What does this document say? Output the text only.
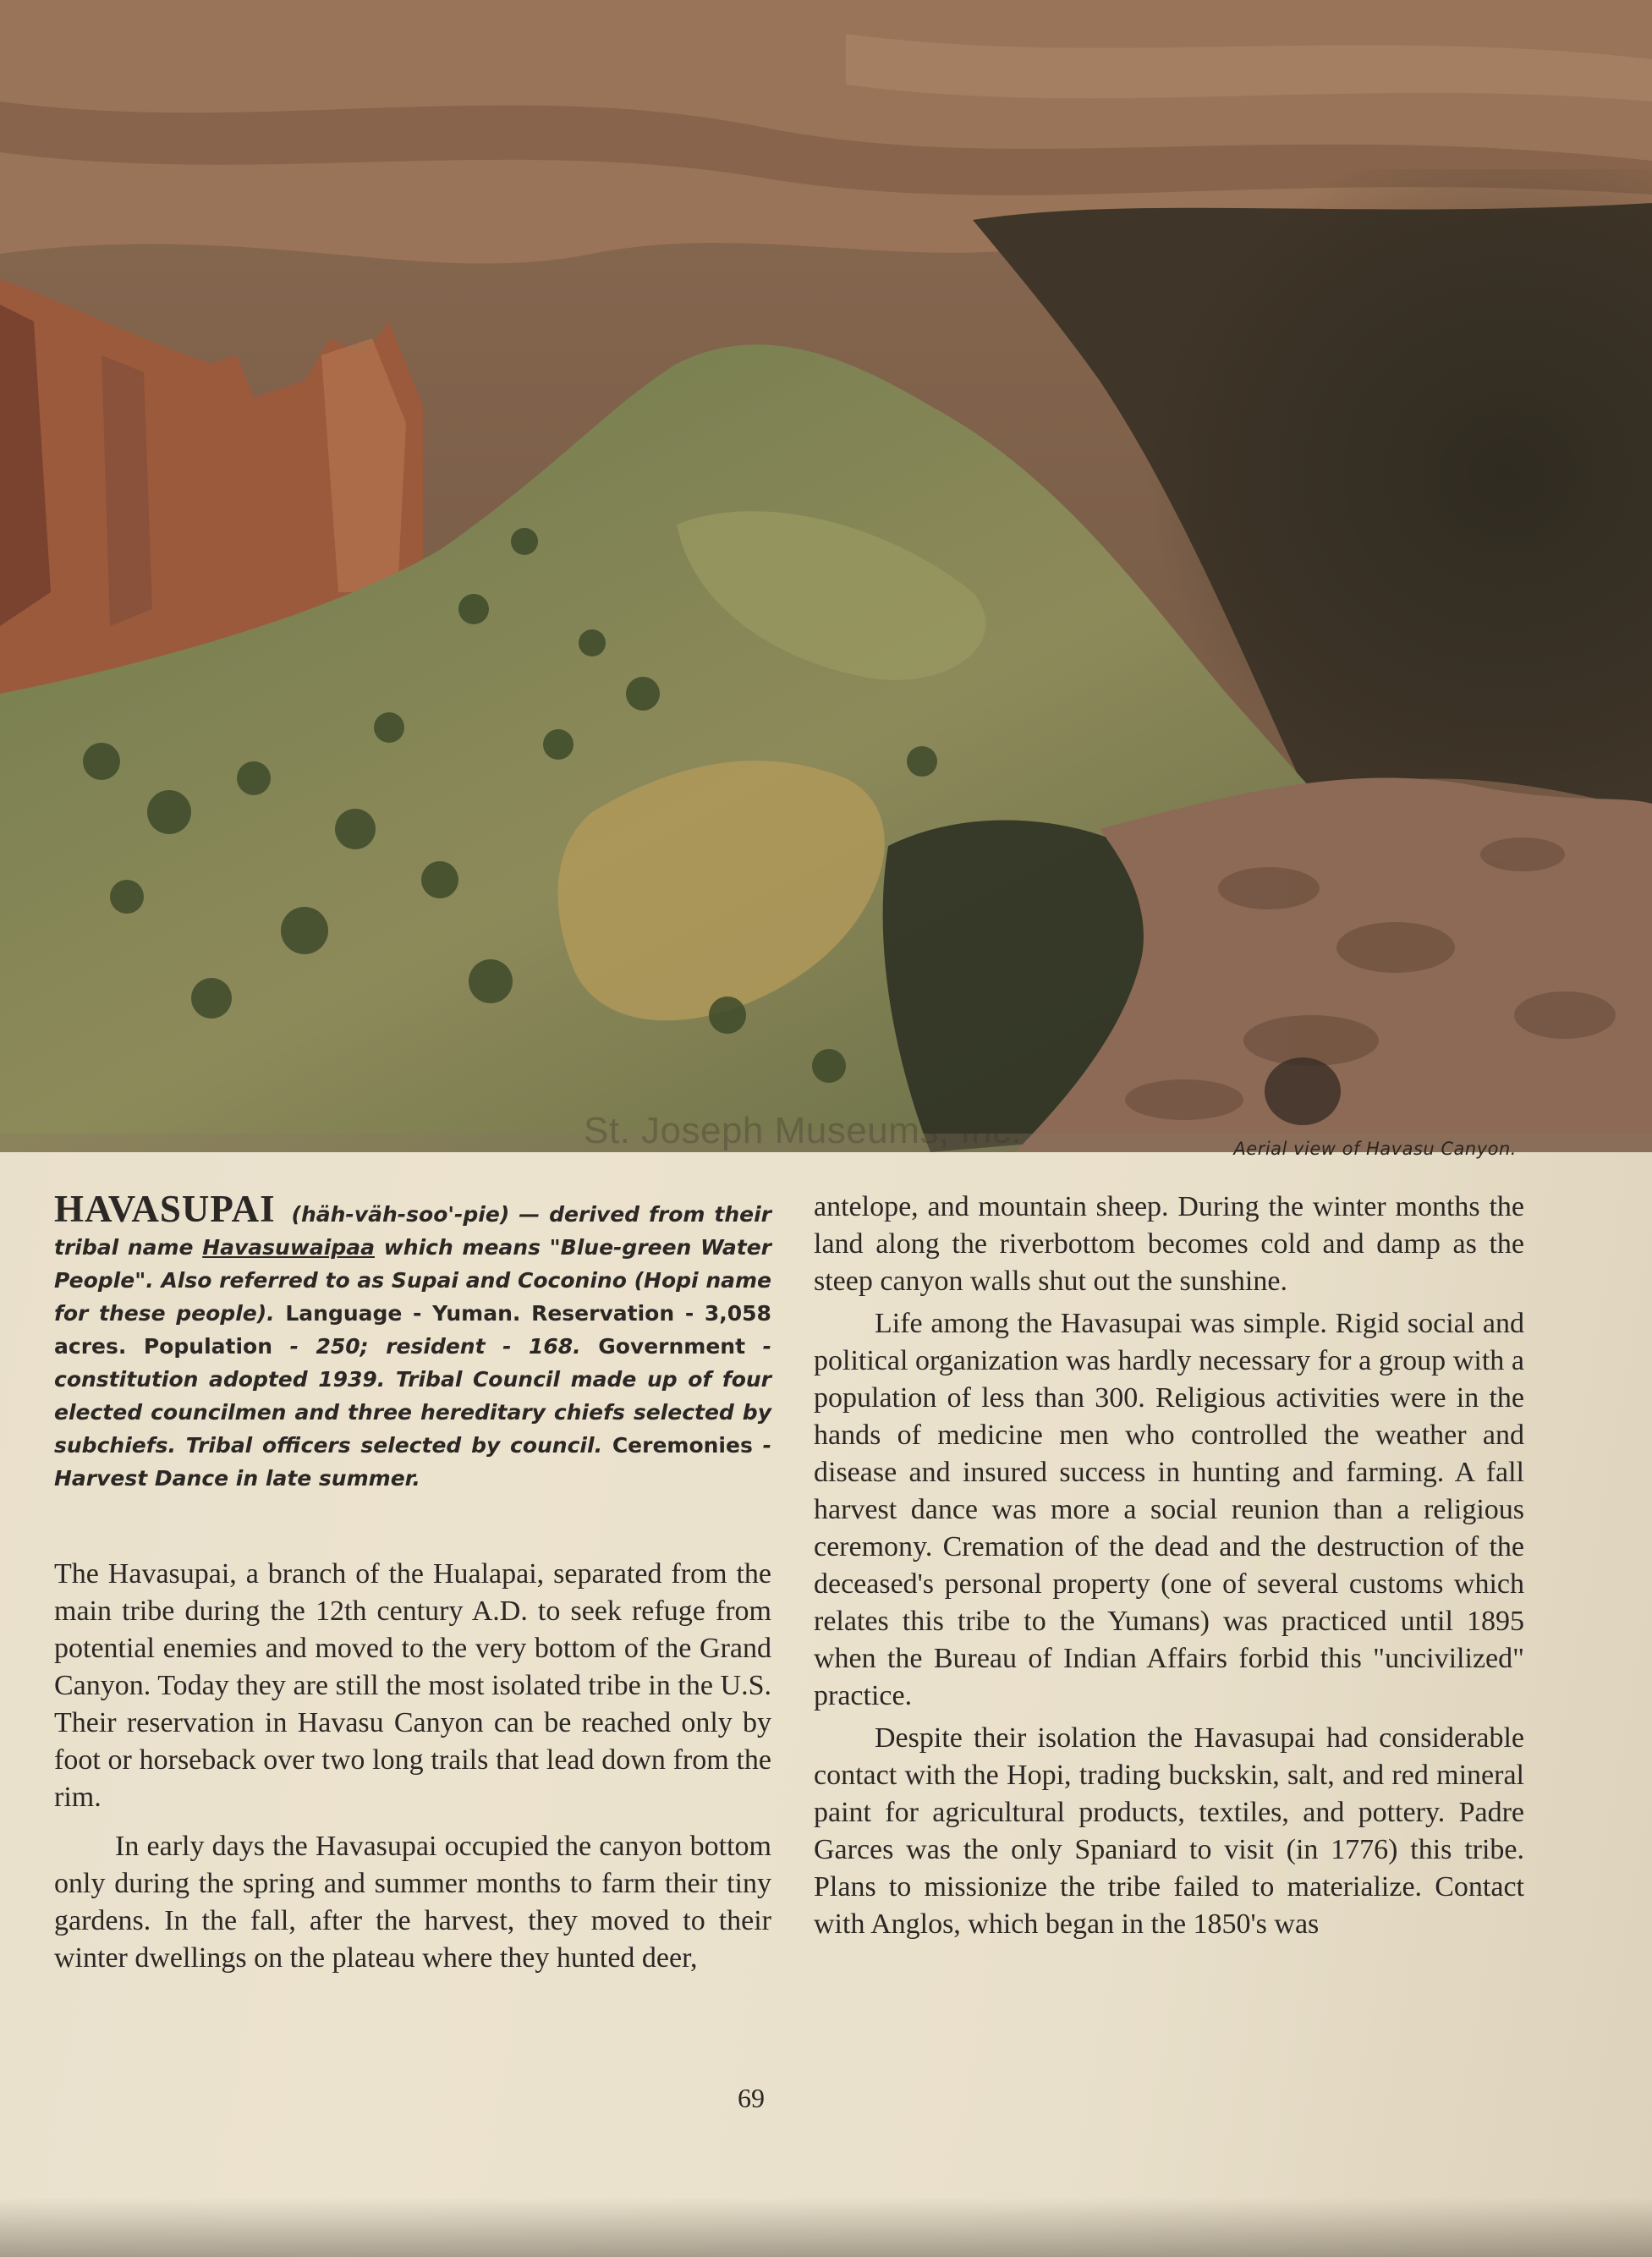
St. Joseph Museums, Inc.	Aerial view of Havasu Canyon.
HAVASUPAI (häh-väh-soo'-pie) — derived from their tribal name Havasuwaipaa which means "Blue-green Water People". Also referred to as Supai and Coconino (Hopi name for these people). Language - Yuman. Reservation - 3,058 acres. Population - 250; resident - 168. Government - constitution adopted 1939. Tribal Council made up of four elected councilmen and three hereditary chiefs selected by subchiefs. Tribal officers selected by council. Ceremonies - Harvest Dance in late summer.

The Havasupai, a branch of the Hualapai, separated from the main tribe during the 12th century A.D. to seek refuge from potential enemies and moved to the very bottom of the Grand Canyon. Today they are still the most isolated tribe in the U.S. Their reservation in Havasu Canyon can be reached only by foot or horseback over two long trails that lead down from the rim.

In early days the Havasupai occupied the canyon bottom only during the spring and summer months to farm their tiny gardens. In the fall, after the harvest, they moved to their winter dwellings on the plateau where they hunted deer,

antelope, and mountain sheep. During the winter months the land along the riverbottom becomes cold and damp as the steep canyon walls shut out the sunshine.

Life among the Havasupai was simple. Rigid social and political organization was hardly necessary for a group with a population of less than 300. Religious activities were in the hands of medicine men who controlled the weather and disease and insured success in hunting and farming. A fall harvest dance was more a social reunion than a religious ceremony. Cremation of the dead and the destruction of the deceased's personal property (one of several customs which relates this tribe to the Yumans) was practiced until 1895 when the Bureau of Indian Affairs forbid this "uncivilized" practice.

Despite their isolation the Havasupai had considerable contact with the Hopi, trading buckskin, salt, and red mineral paint for agricultural products, textiles, and pottery. Padre Garces was the only Spaniard to visit (in 1776) this tribe. Plans to missionize the tribe failed to materialize. Contact with Anglos, which began in the 1850's was

69
